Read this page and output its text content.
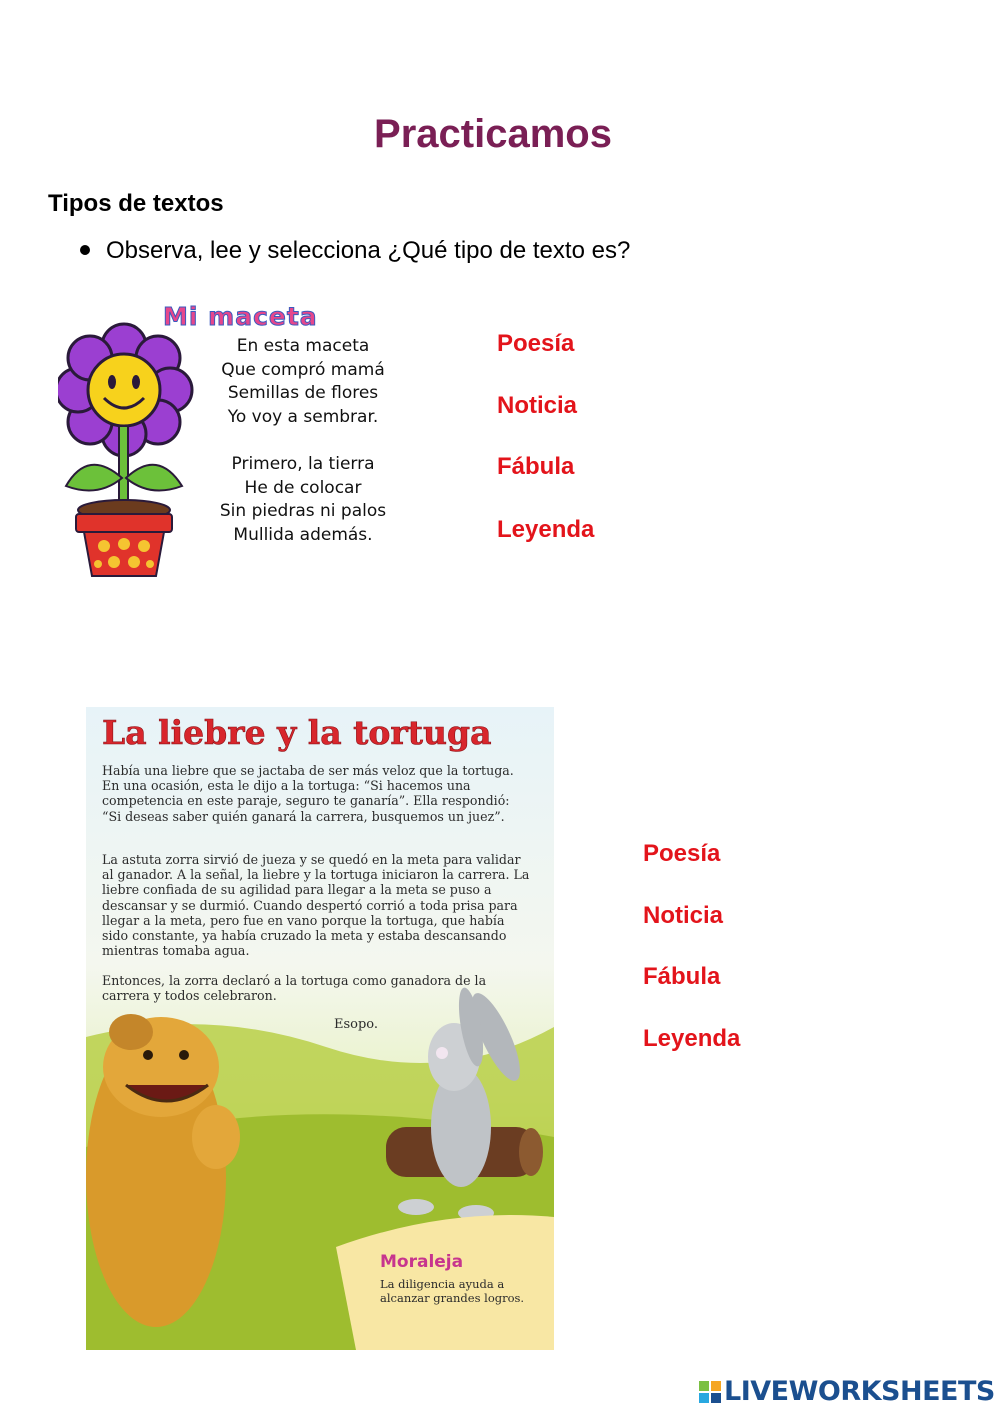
Practicamos
Tipos de textos
Observa, lee y selecciona ¿Qué tipo de texto es?
Mi maceta
En esta maceta
Que compró mamá
Semillas de flores
Yo voy a sembrar.
Primero, la tierra
He de colocar
Sin piedras ni palos
Mullida además.
Poesía
Noticia
Fábula
Leyenda
La liebre y la tortuga

Había una liebre que se jactaba de ser más veloz que la tortuga. En una ocasión, esta le dijo a la tortuga: “Si hacemos una competencia en este paraje, seguro te ganaría”. Ella respondió: “Si deseas saber quién ganará la carrera, busquemos un juez”.

La astuta zorra sirvió de jueza y se quedó en la meta para validar al ganador. A la señal, la liebre y la tortuga iniciaron la carrera. La liebre confiada de su agilidad para llegar a la meta se puso a descansar y se durmió. Cuando despertó corrió a toda prisa para llegar a la meta, pero fue en vano porque la tortuga, que había sido constante, ya había cruzado la meta y estaba descansando mientras tomaba agua.

Entonces, la zorra declaró a la tortuga como ganadora de la carrera y todos celebraron.

Esopo.
Moraleja
La diligencia ayuda a alcanzar grandes logros.
Poesía
Noticia
Fábula
Leyenda
LIVEWORKSHEETS
